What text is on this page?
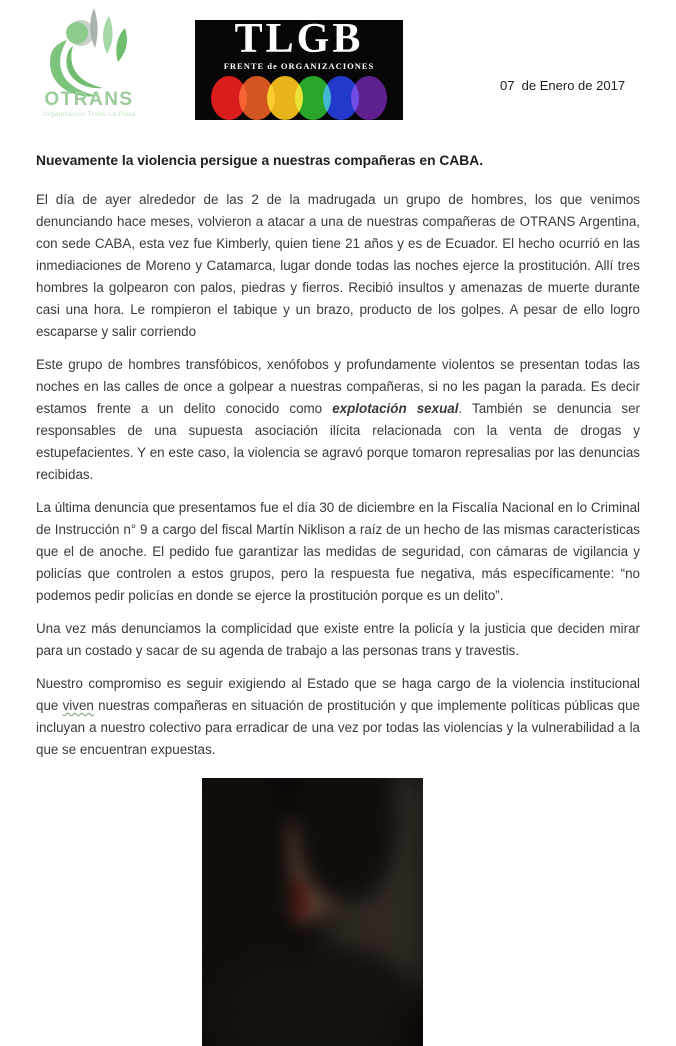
OTRANS
Organización Trans La Plata
TLGB
FRENTE de ORGANIZACIONES
07  de Enero de 2017
Nuevamente la violencia persigue a nuestras compañeras en CABA.

El día de ayer alrededor de las 2 de la madrugada un grupo de hombres, los que venimos denunciando hace meses, volvieron a atacar a una de nuestras compañeras de OTRANS Argentina, con sede CABA, esta vez fue Kimberly, quien tiene 21 años y es de Ecuador. El hecho ocurrió en las inmediaciones de Moreno y Catamarca, lugar donde todas las noches ejerce la prostitución. Allí tres hombres la golpearon con palos, piedras y fierros. Recibió insultos y amenazas de muerte durante casi una hora. Le rompieron el tabique y un brazo, producto de los golpes. A pesar de ello logro escaparse y salir corriendo

Este grupo de hombres transfóbicos, xenófobos y profundamente violentos se presentan todas las noches en las calles de once a golpear a nuestras compañeras, si no les pagan la parada. Es decir estamos frente a un delito conocido como explotación sexual. También se denuncia ser responsables de una supuesta asociación ilícita relacionada con la venta de drogas y estupefacientes. Y en este caso, la violencia se agravó porque tomaron represalias por las denuncias recibidas.

La última denuncia que presentamos fue el día 30 de diciembre en la Fiscalía Nacional en lo Criminal de Instrucción n° 9 a cargo del fiscal Martín Niklison a raíz de un hecho de las mismas características que el de anoche. El pedido fue garantizar las medidas de seguridad, con cámaras de vigilancia y policías que controlen a estos grupos, pero la respuesta fue negativa, más específicamente: “no podemos pedir policías en donde se ejerce la prostitución porque es un delito”.

Una vez más denunciamos la complicidad que existe entre la policía y la justicia que deciden mirar para un costado y sacar de su agenda de trabajo a las personas trans y travestis.

Nuestro compromiso es seguir exigiendo al Estado que se haga cargo de la violencia institucional que viven nuestras compañeras en situación de prostitución y que implemente políticas públicas que incluyan a nuestro colectivo para erradicar de una vez por todas las violencias y la vulnerabilidad a la que se encuentran expuestas.
